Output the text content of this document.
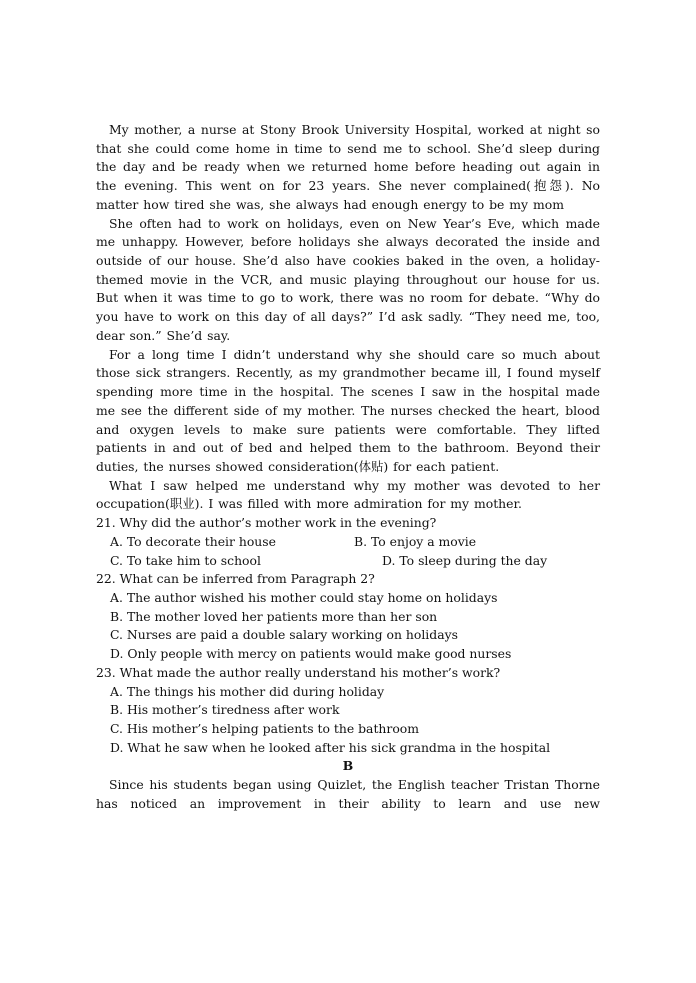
My mother, a nurse at Stony Brook University Hospital, worked at night so that she could come home in time to send me to school. She’d sleep during the day and be ready when we returned home before heading out again in the evening. This went on for 23 years. She never complained(抱怨). No matter how tired she was, she always had enough energy to be my mom

She often had to work on holidays, even on New Year’s Eve, which made me unhappy. However, before holidays she always decorated the inside and outside of our house. She’d also have cookies baked in the oven, a holiday-themed movie in the VCR, and music playing throughout our house for us. But when it was time to go to work, there was no room for debate. “Why do you have to work on this day of all days?” I’d ask sadly. “They need me, too, dear son.” She’d say.

For a long time I didn’t understand why she should care so much about those sick strangers. Recently, as my grandmother became ill, I found myself spending more time in the hospital. The scenes I saw in the hospital made me see the different side of my mother. The nurses checked the heart, blood and oxygen levels to make sure patients were comfortable. They lifted patients in and out of bed and helped them to the bathroom. Beyond their duties, the nurses showed consideration(体贴) for each patient.

What I saw helped me understand why my mother was devoted to her occupation(职业). I was filled with more admiration for my mother.

21. Why did the author’s mother work in the evening?

A. To decorate their house	B. To enjoy a movie
C. To take him to school	D. To sleep during the day

22. What can be inferred from Paragraph 2?

A. The author wished his mother could stay home on holidays

B. The mother loved her patients more than her son

C. Nurses are paid a double salary working on holidays

D. Only people with mercy on patients would make good nurses

23. What made the author really understand his mother’s work?

A. The things his mother did during holiday

B. His mother’s tiredness after work

C. His mother’s helping patients to the bathroom

D. What he saw when he looked after his sick grandma in the hospital

B

Since his students began using Quizlet, the English teacher Tristan Thorne has noticed an improvement in their ability to learn and use new
